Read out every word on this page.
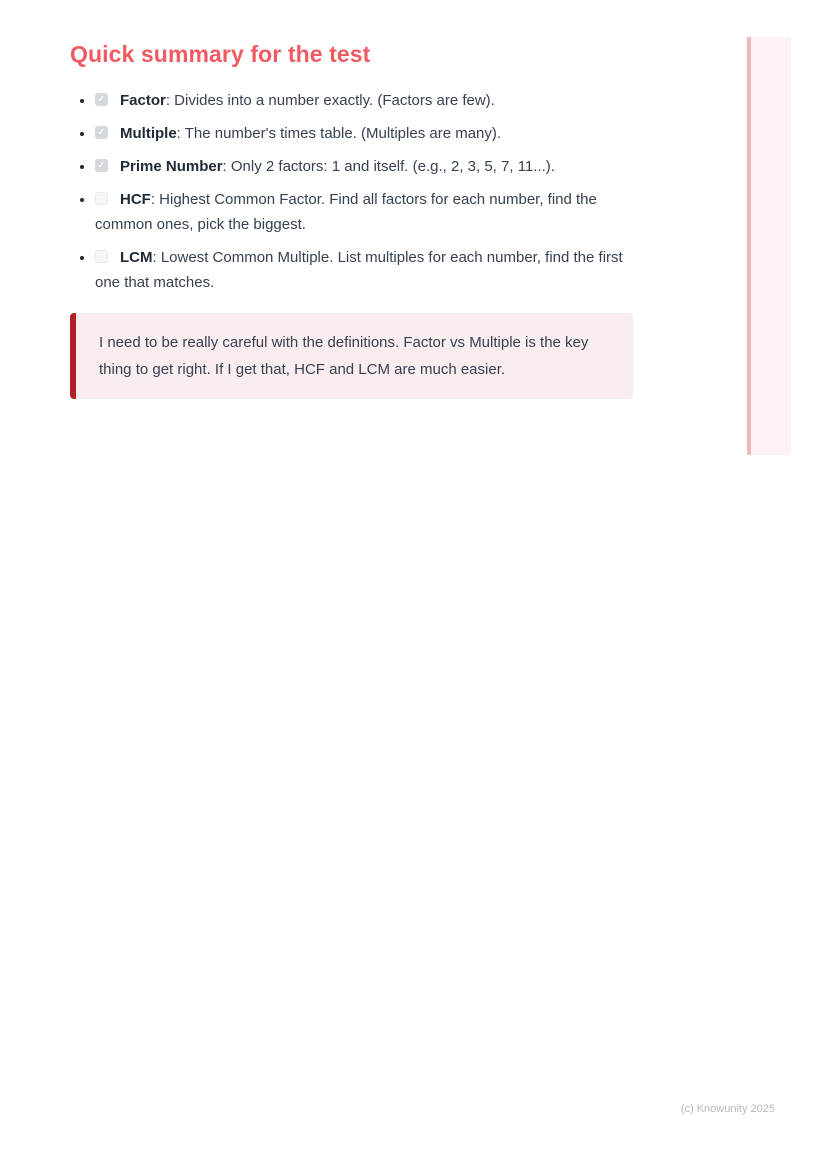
Quick summary for the test
✓• Factor: Divides into a number exactly. (Factors are few).
✓• Multiple: The number's times table. (Multiples are many).
✓• Prime Number: Only 2 factors: 1 and itself. (e.g., 2, 3, 5, 7, 11...).
• HCF: Highest Common Factor. Find all factors for each number, find the common ones, pick the biggest.
• LCM: Lowest Common Multiple. List multiples for each number, find the first one that matches.
I need to be really careful with the definitions. Factor vs Multiple is the key thing to get right. If I get that, HCF and LCM are much easier.
(c) Knowunity 2025
